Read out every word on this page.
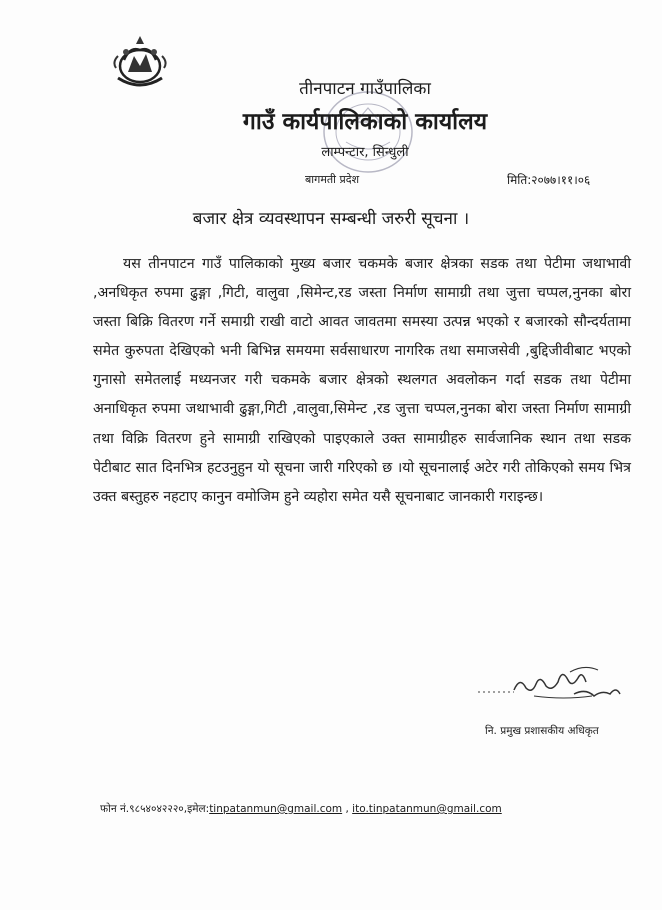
तीनपाटन गाउँपालिका
गाउँ कार्यपालिकाको कार्यालय
लाम्पन्टार, सिन्धुली
बागमती प्रदेश	मिति:२०७७।११।०६
बजार क्षेत्र व्यवस्थापन सम्बन्धी जरुरी सूचना ।

यस तीनपाटन गाउँ पालिकाको मुख्य बजार चकमके बजार क्षेत्रका सडक तथा पेटीमा जथाभावी ,अनधिकृत रुपमा ढुङ्गा ,गिटी, वालुवा ,सिमेन्ट,रड जस्ता निर्माण सामाग्री तथा जुत्ता चप्पल,नुनका बोरा जस्ता बिक्रि वितरण गर्ने समाग्री राखी वाटो आवत जावतमा समस्या उत्पन्न भएको र बजारको सौन्दर्यतामा समेत कुरुपता देखिएको भनी बिभिन्न समयमा सर्वसाधारण नागरिक तथा समाजसेवी ,बुद्दिजीवीबाट भएको गुनासो समेतलाई मध्यनजर गरी चकमके बजार क्षेत्रको स्थलगत अवलोकन गर्दा सडक तथा पेटीमा अनाधिकृत रुपमा जथाभावी ढुङ्गा,गिटी ,वालुवा,सिमेन्ट ,रड जुत्ता चप्पल,नुनका बोरा जस्ता निर्माण सामाग्री तथा विक्रि वितरण हुने सामाग्री राखिएको पाइएकाले उक्त सामाग्रीहरु सार्वजानिक स्थान तथा सडक पेटीबाट सात दिनभित्र हटउनुहुन यो सूचना जारी गरिएको छ ।यो सूचनालाई अटेर गरी तोकिएको समय भित्र उक्त बस्तुहरु नहटाए कानुन वमोजिम हुने व्यहोरा समेत यसै सूचनाबाट जानकारी गराइन्छ।

नि. प्रमुख प्रशासकीय अधिकृत
फोन नं.९८५४०४२२२०,इमेल:tinpatanmun@gmail.com , ito.tinpatanmun@gmail.com
